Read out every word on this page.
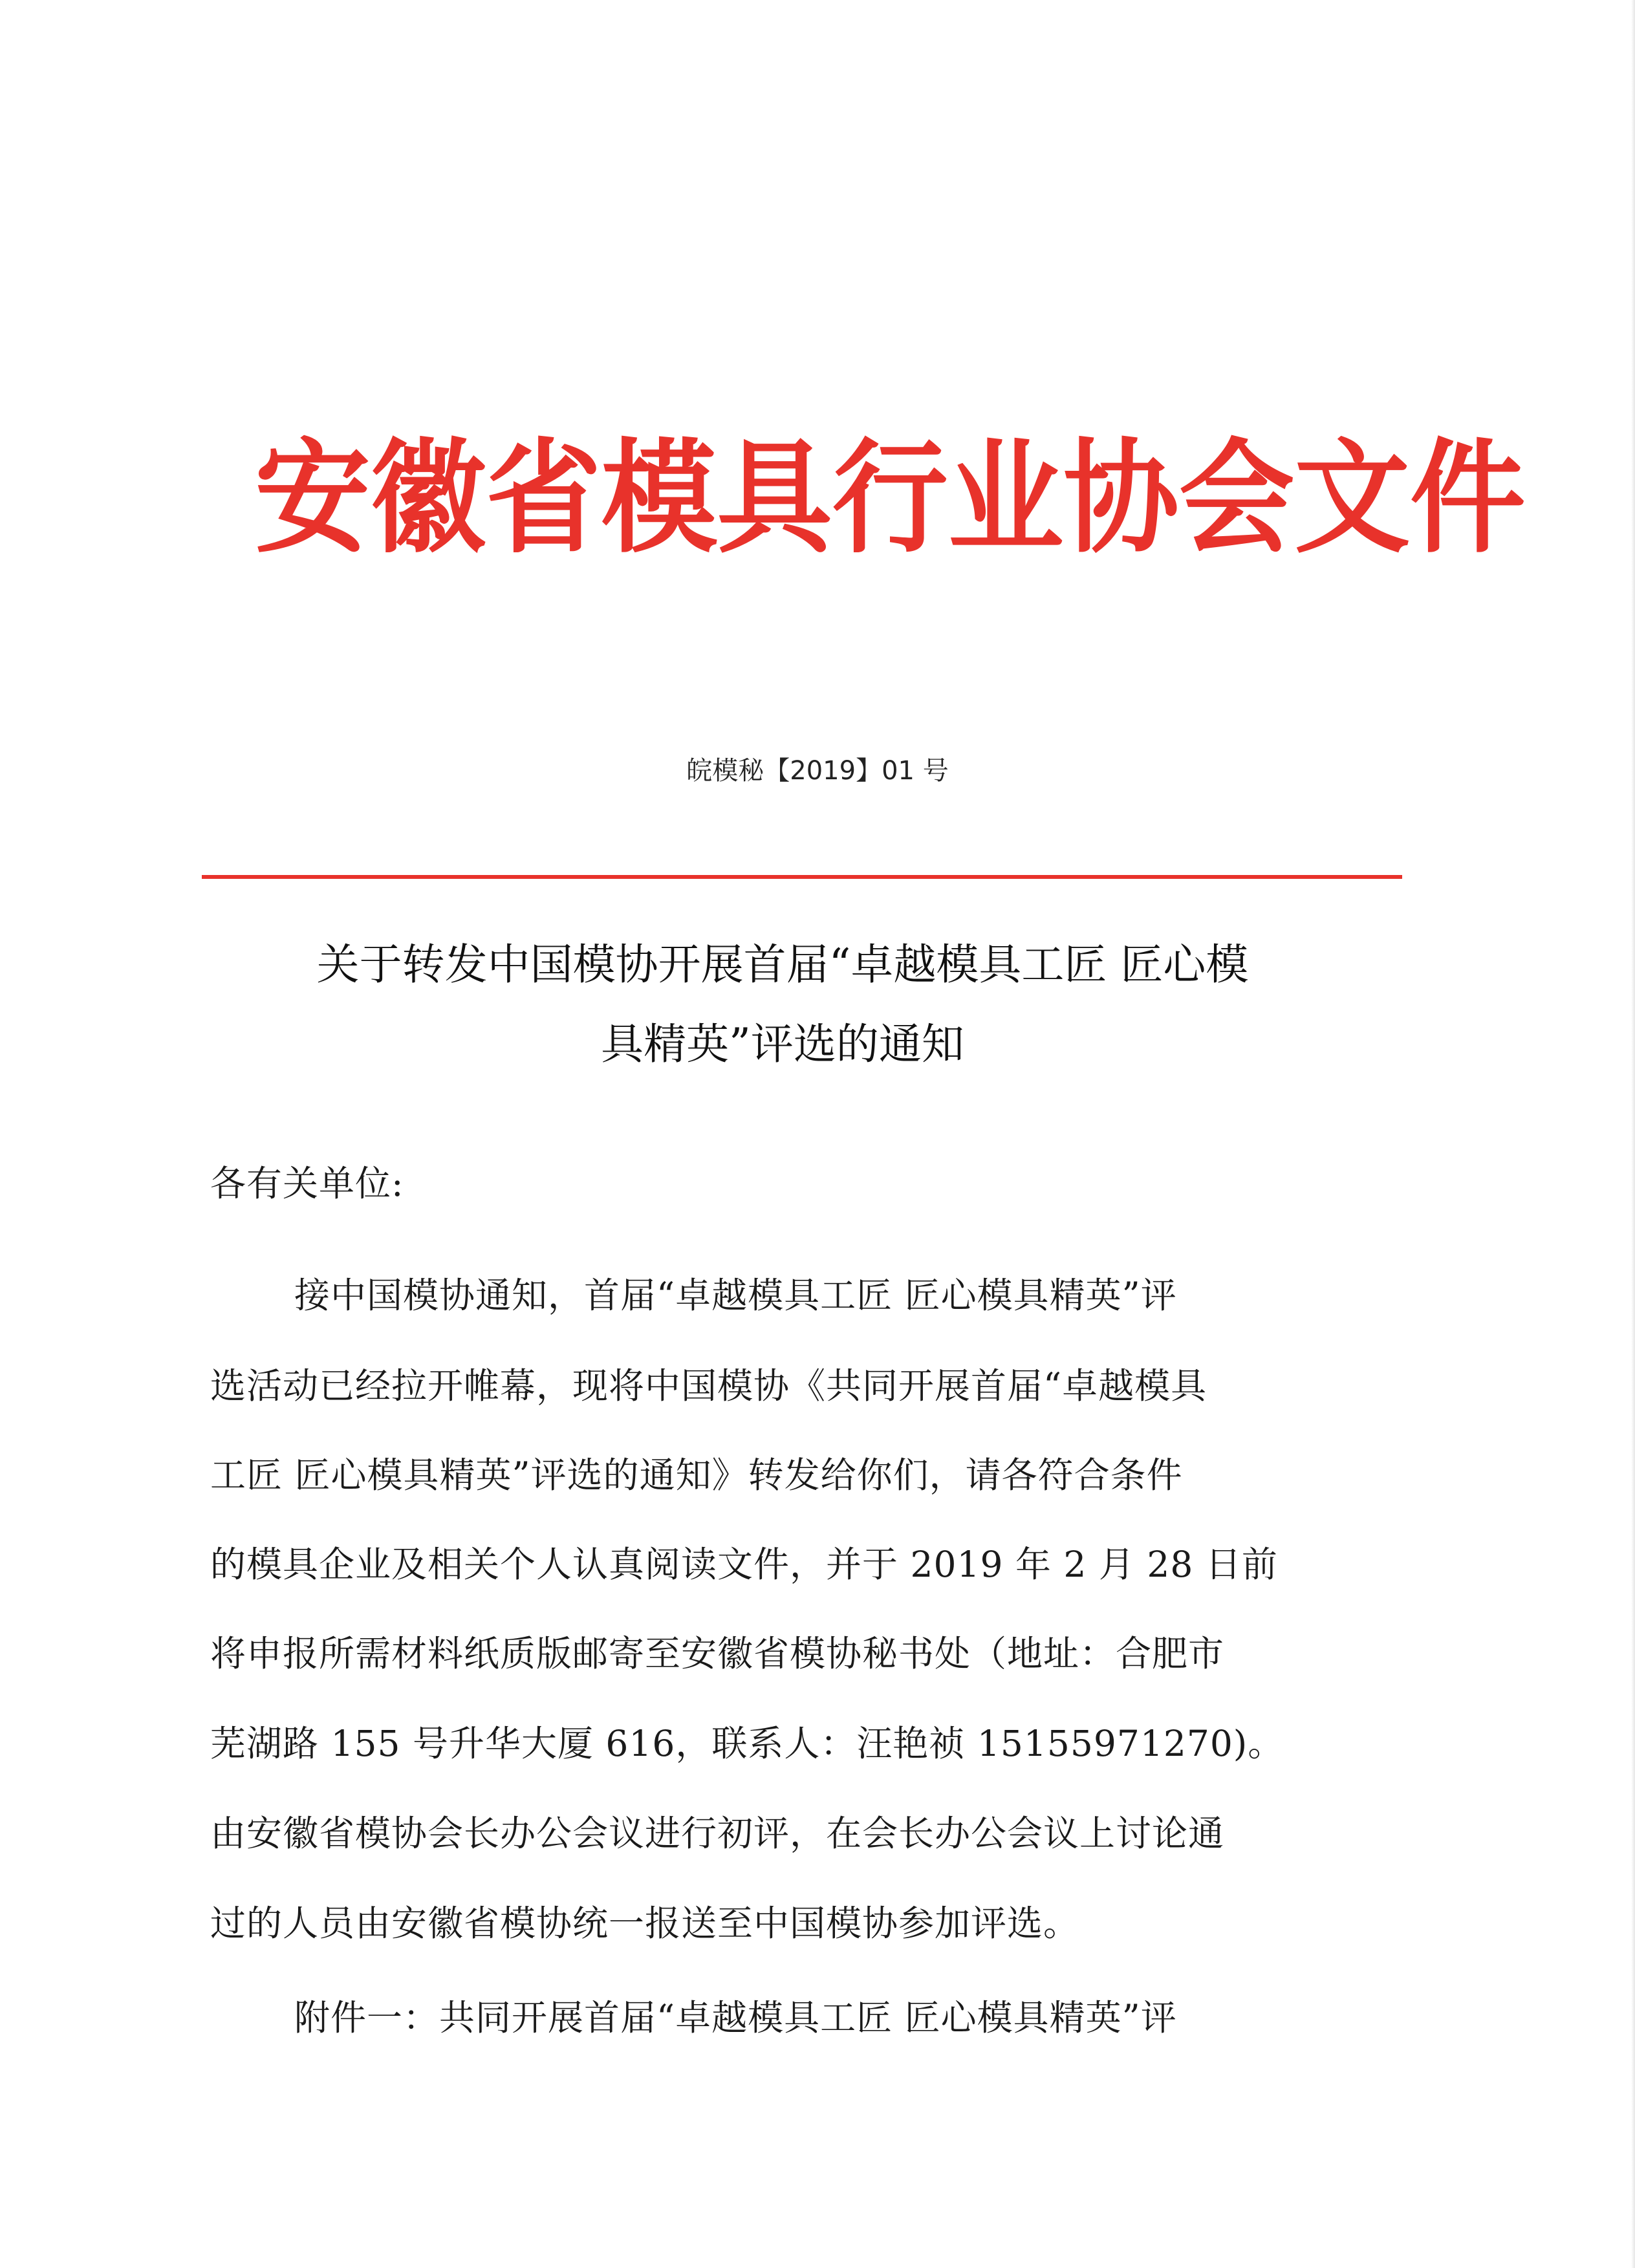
安徽省模具行业协会文件
皖模秘【2019】01 号
关于转发中国模协开展首届“卓越模具工匠 匠心模
具精英”评选的通知
各有关单位:
接中国模协通知，首届“卓越模具工匠 匠心模具精英”评
选活动已经拉开帷幕，现将中国模协《共同开展首届“卓越模具
工匠 匠心模具精英”评选的通知》转发给你们，请各符合条件
的模具企业及相关个人认真阅读文件，并于 2019 年 2 月 28 日前
将申报所需材料纸质版邮寄至安徽省模协秘书处（地址：合肥市
芜湖路 155 号升华大厦 616，联系人：汪艳祯 15155971270)。
由安徽省模协会长办公会议进行初评，在会长办公会议上讨论通
过的人员由安徽省模协统一报送至中国模协参加评选。
附件一：共同开展首届“卓越模具工匠 匠心模具精英”评
